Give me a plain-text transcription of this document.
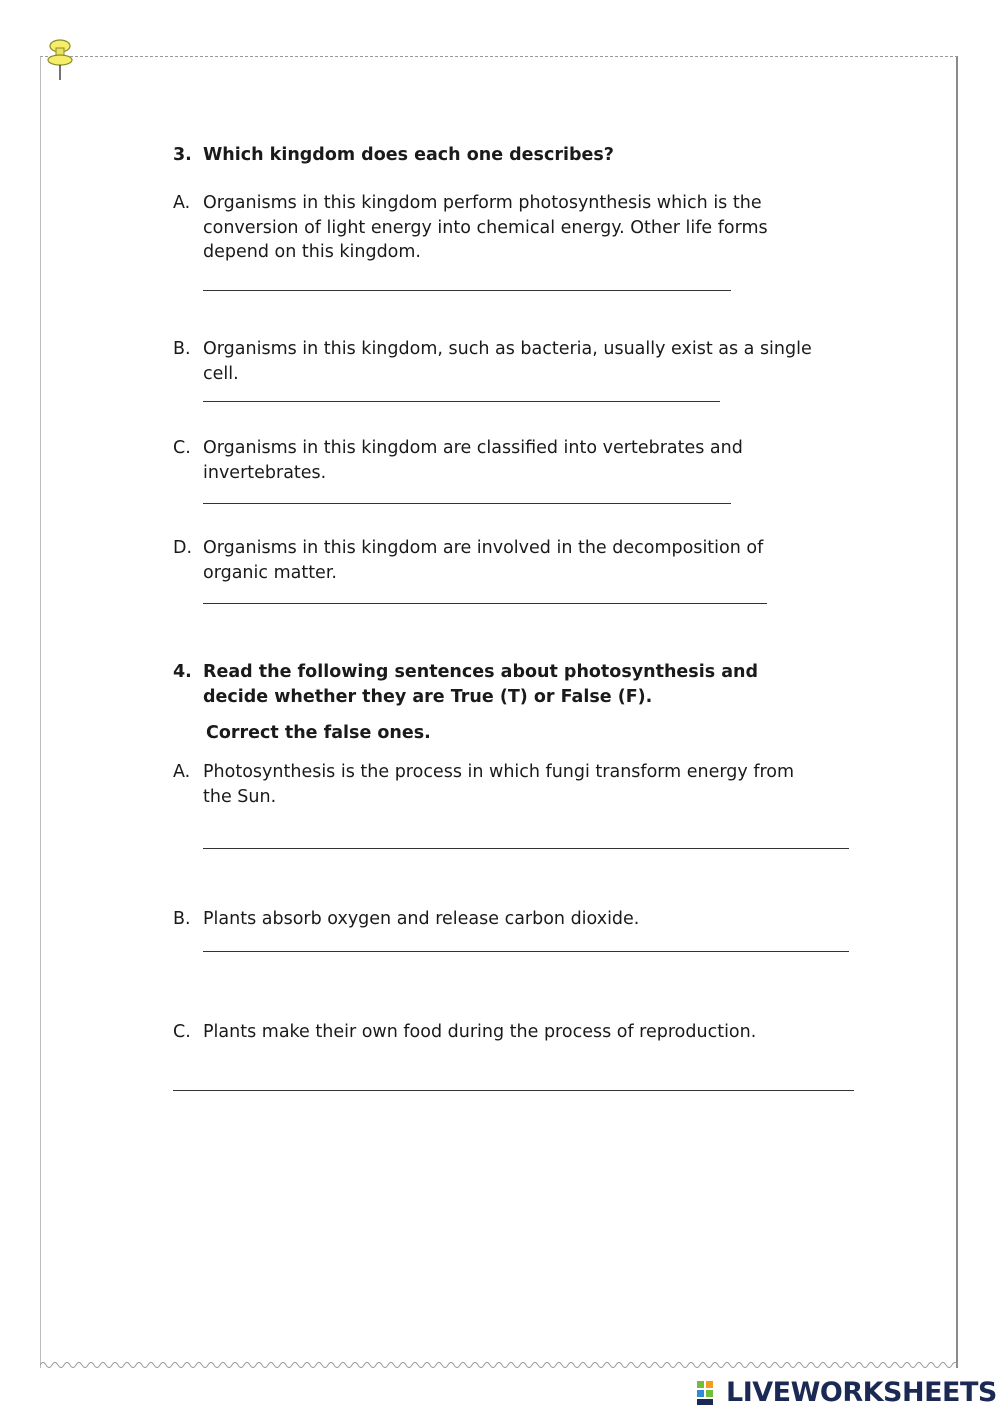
3. Which kingdom does each one describes?
A. Organisms in this kingdom perform photosynthesis which is the
conversion of light energy into chemical energy. Other life forms
depend on this kingdom.
B. Organisms in this kingdom, such as bacteria, usually exist as a single
cell.
C. Organisms in this kingdom are classified into vertebrates and
invertebrates.
D. Organisms in this kingdom are involved in the decomposition of
organic matter.
4. Read the following sentences about photosynthesis and
decide whether they are True (T) or False (F).
Correct the false ones.
A. Photosynthesis is the process in which fungi transform energy from
the Sun.
B. Plants absorb oxygen and release carbon dioxide.
C. Plants make their own food during the process of reproduction.
LIVEWORKSHEETS
